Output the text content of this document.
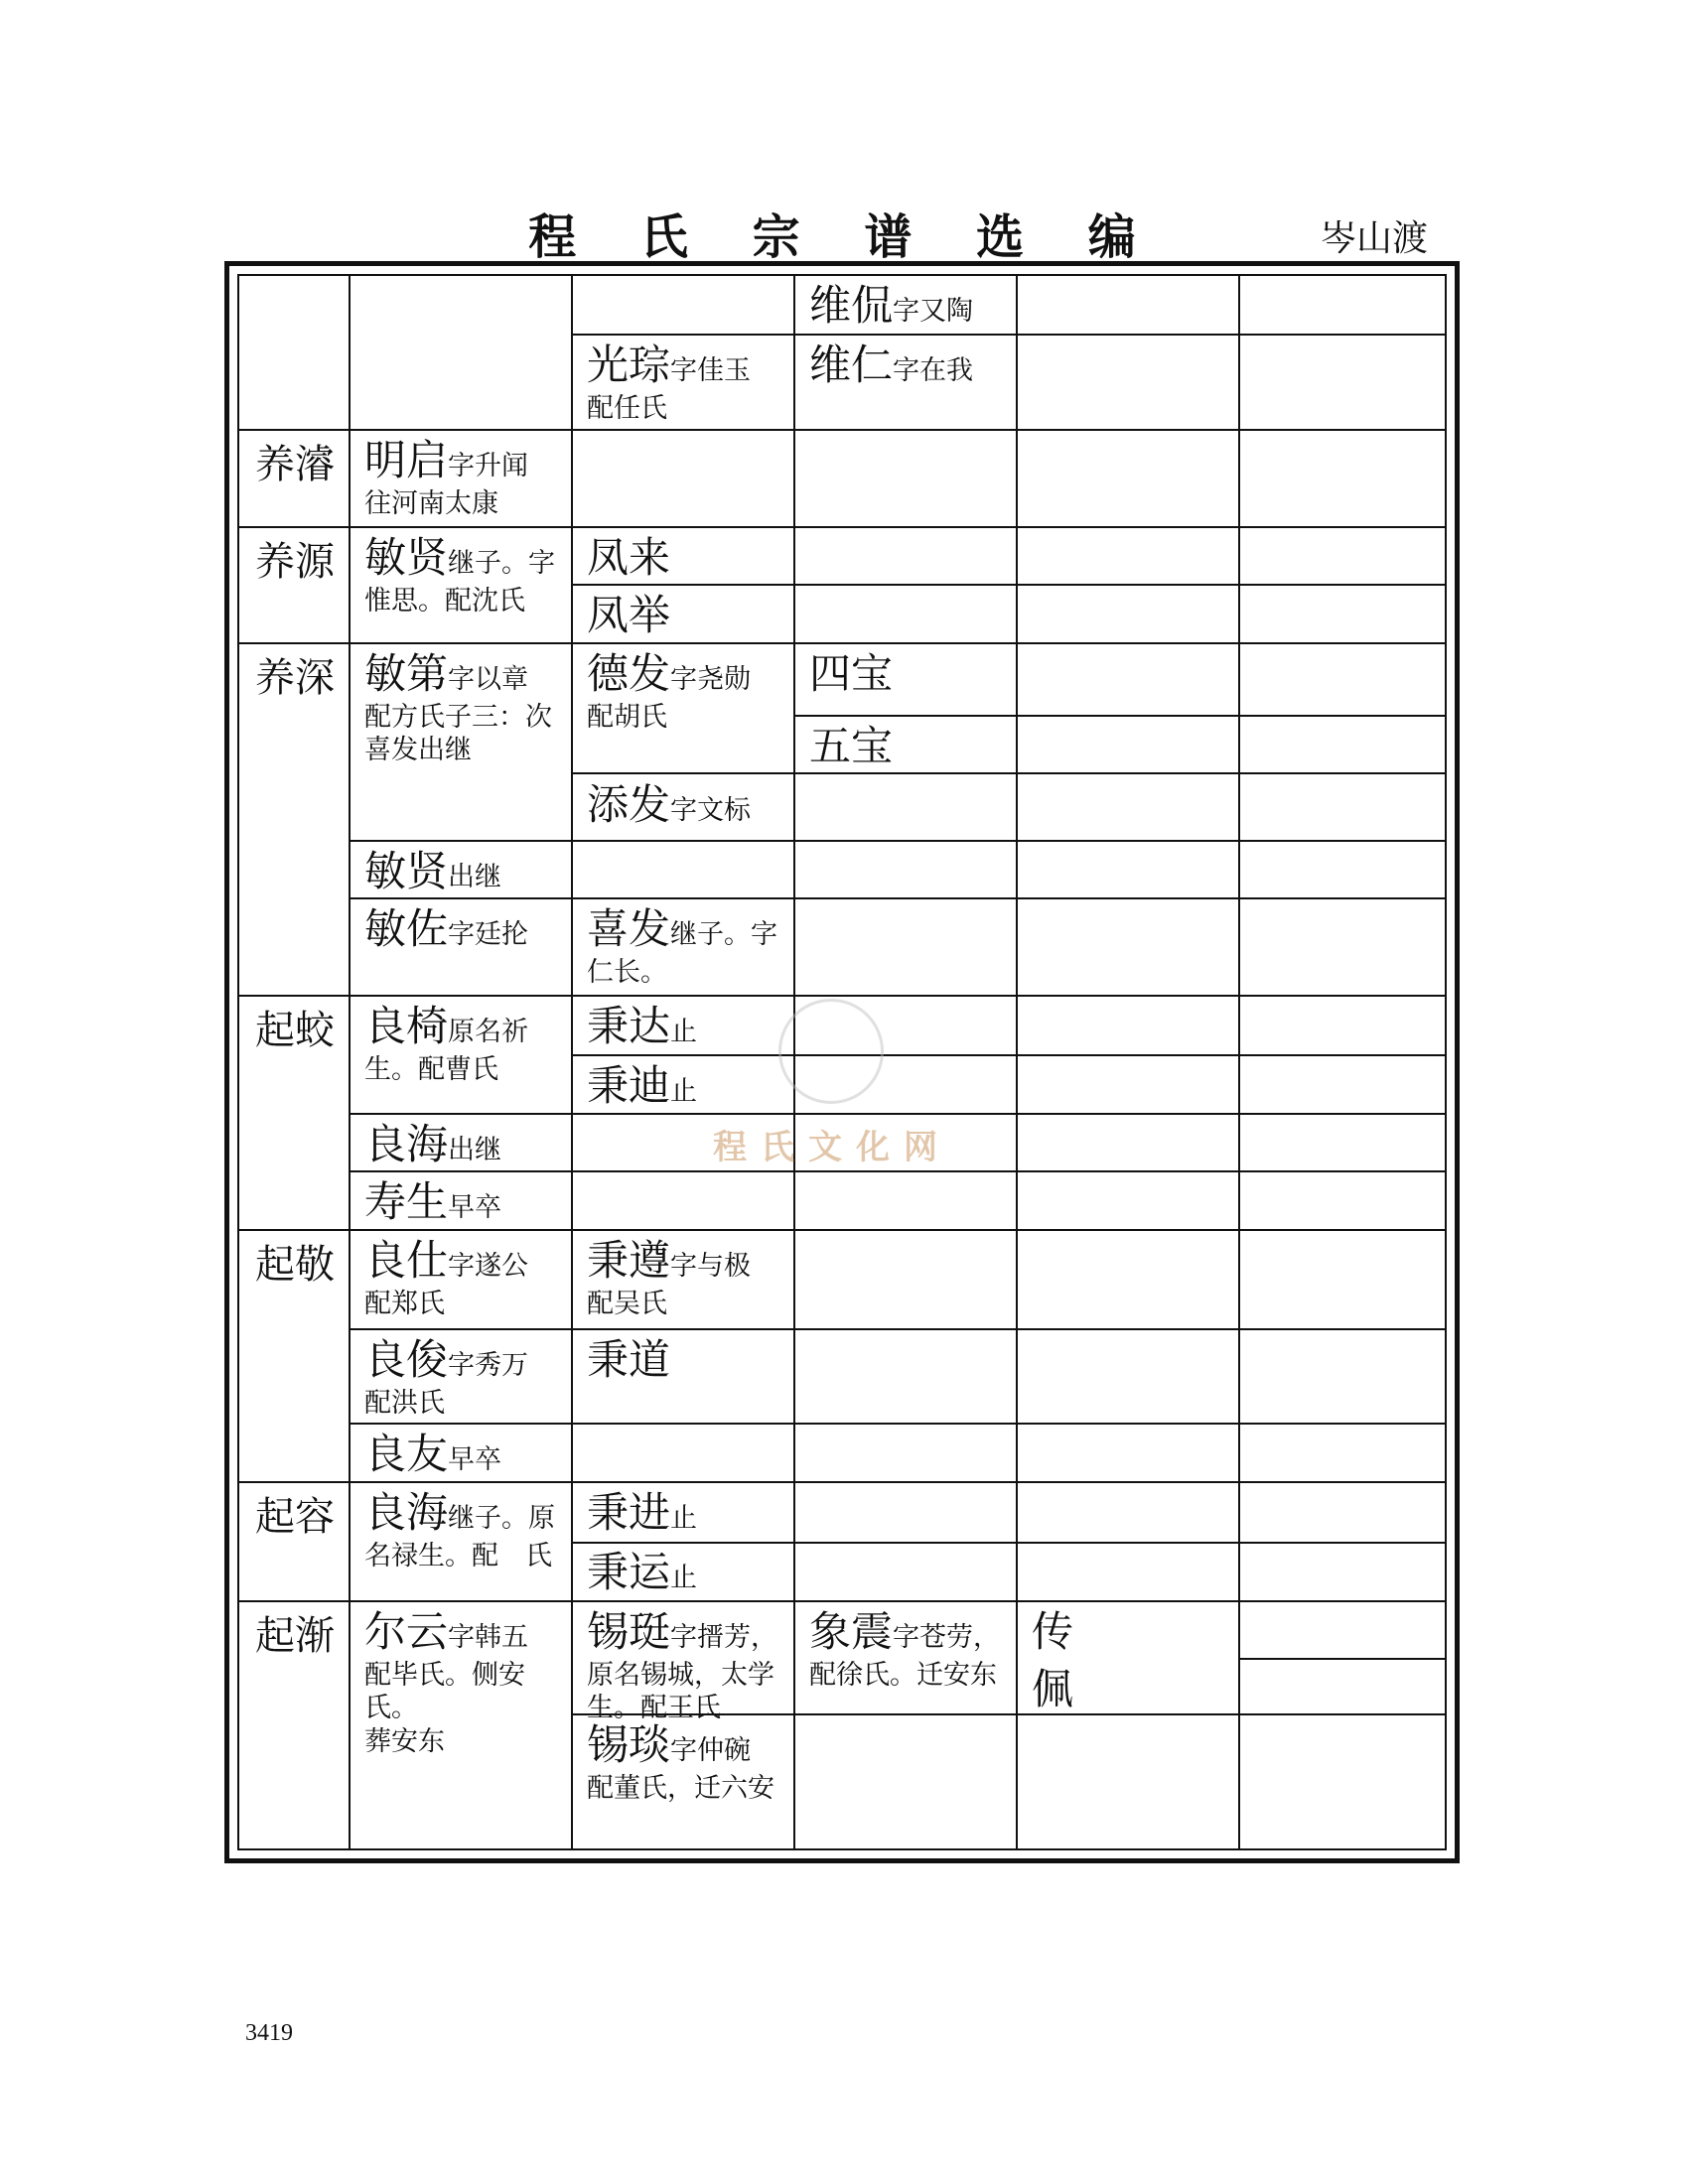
程 氏 宗 谱 选 编	岑山渡
维侃字又陶
光琮字佳玉
配任氏
维仁字在我
养濬 明启字升闻
往河南太康
养源 敏贤继子。字
惟思。配沈氏
凤来
凤举
养深 敏第字以章
配方氏子三：次
喜发出继
德发字尧勋
配胡氏
四宝
五宝
添发字文标
敏贤出继
敏佐字廷抡 喜发继子。字
仁长。
起蛟 良椅原名祈
生。配曹氏
秉达止
秉迪止
良海出继
寿生早卒
起敬 良仕字遂公
配郑氏
秉遵字与极
配吴氏
良俊字秀万
配洪氏
秉道
良友早卒
起容 良海继子。原
名禄生。配　氏
秉进止
秉运止
起渐 尔云字韩五
配毕氏。侧安
氏。
葬安东
锡珽字搢芳，
原名锡城，太学
生。配王氏
象震字苍劳，
配徐氏。迁安东
传
佩
锡琰字仲碗
配董氏，迁六安
程氏文化网
3419
